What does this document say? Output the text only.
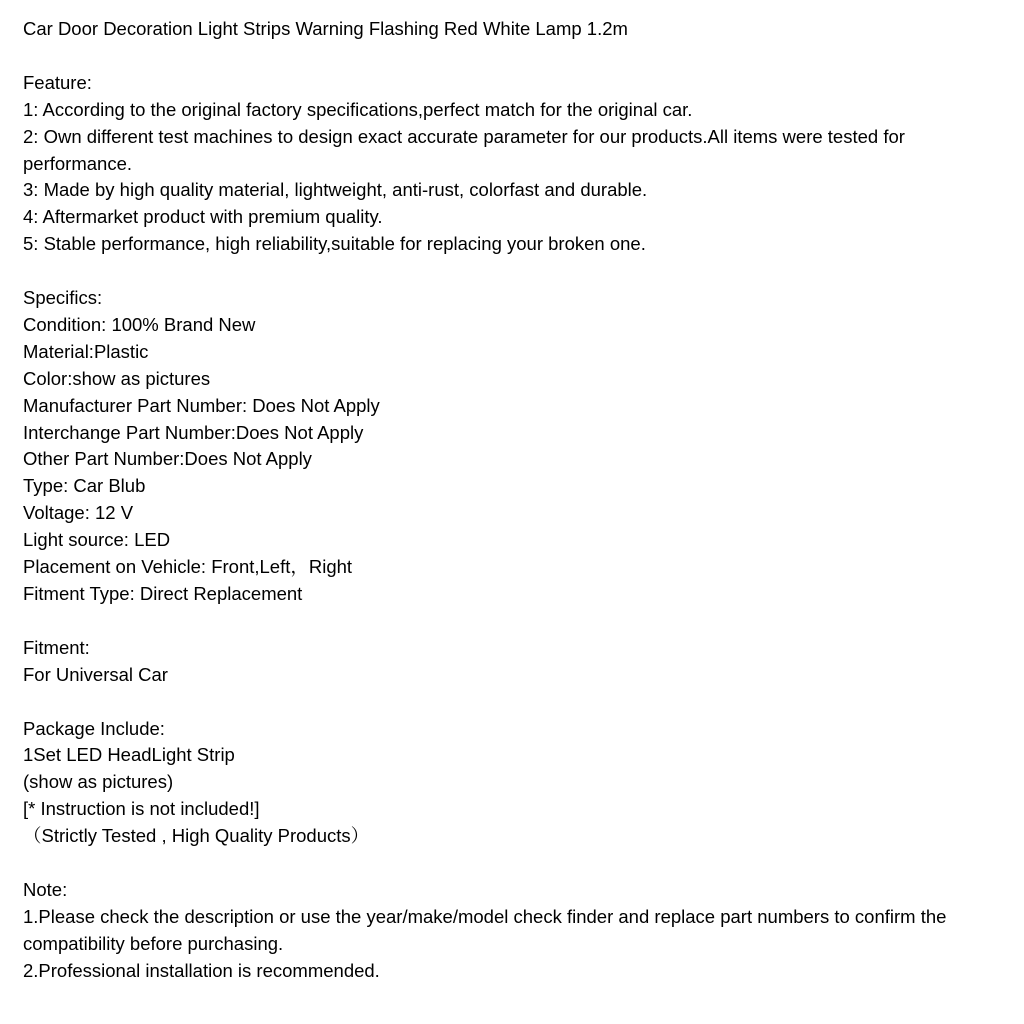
Car Door Decoration Light Strips Warning Flashing Red White Lamp 1.2m
Feature:
1: According to the original factory specifications,perfect match for the original car.
2: Own different test machines to design exact accurate parameter for our products.All items were tested for performance.
3: Made by high quality material, lightweight, anti-rust, colorfast and durable.
4: Aftermarket product with premium quality.
5: Stable performance, high reliability,suitable for replacing your broken one.
Specifics:
Condition: 100% Brand New
Material:Plastic
Color:show as pictures
Manufacturer Part Number: Does Not Apply
Interchange Part Number:Does Not Apply
Other Part Number:Does Not Apply
Type: Car Blub
Voltage: 12 V
Light source: LED
Placement on Vehicle: Front,Left，Right
Fitment Type: Direct Replacement
Fitment:
For Universal Car
Package Include:
1Set LED HeadLight Strip
(show as pictures)
[* Instruction is not included!]
（Strictly Tested , High Quality Products）
Note:
1.Please check the description or use the year/make/model check finder and replace part numbers to confirm the compatibility before purchasing.
2.Professional installation is recommended.
